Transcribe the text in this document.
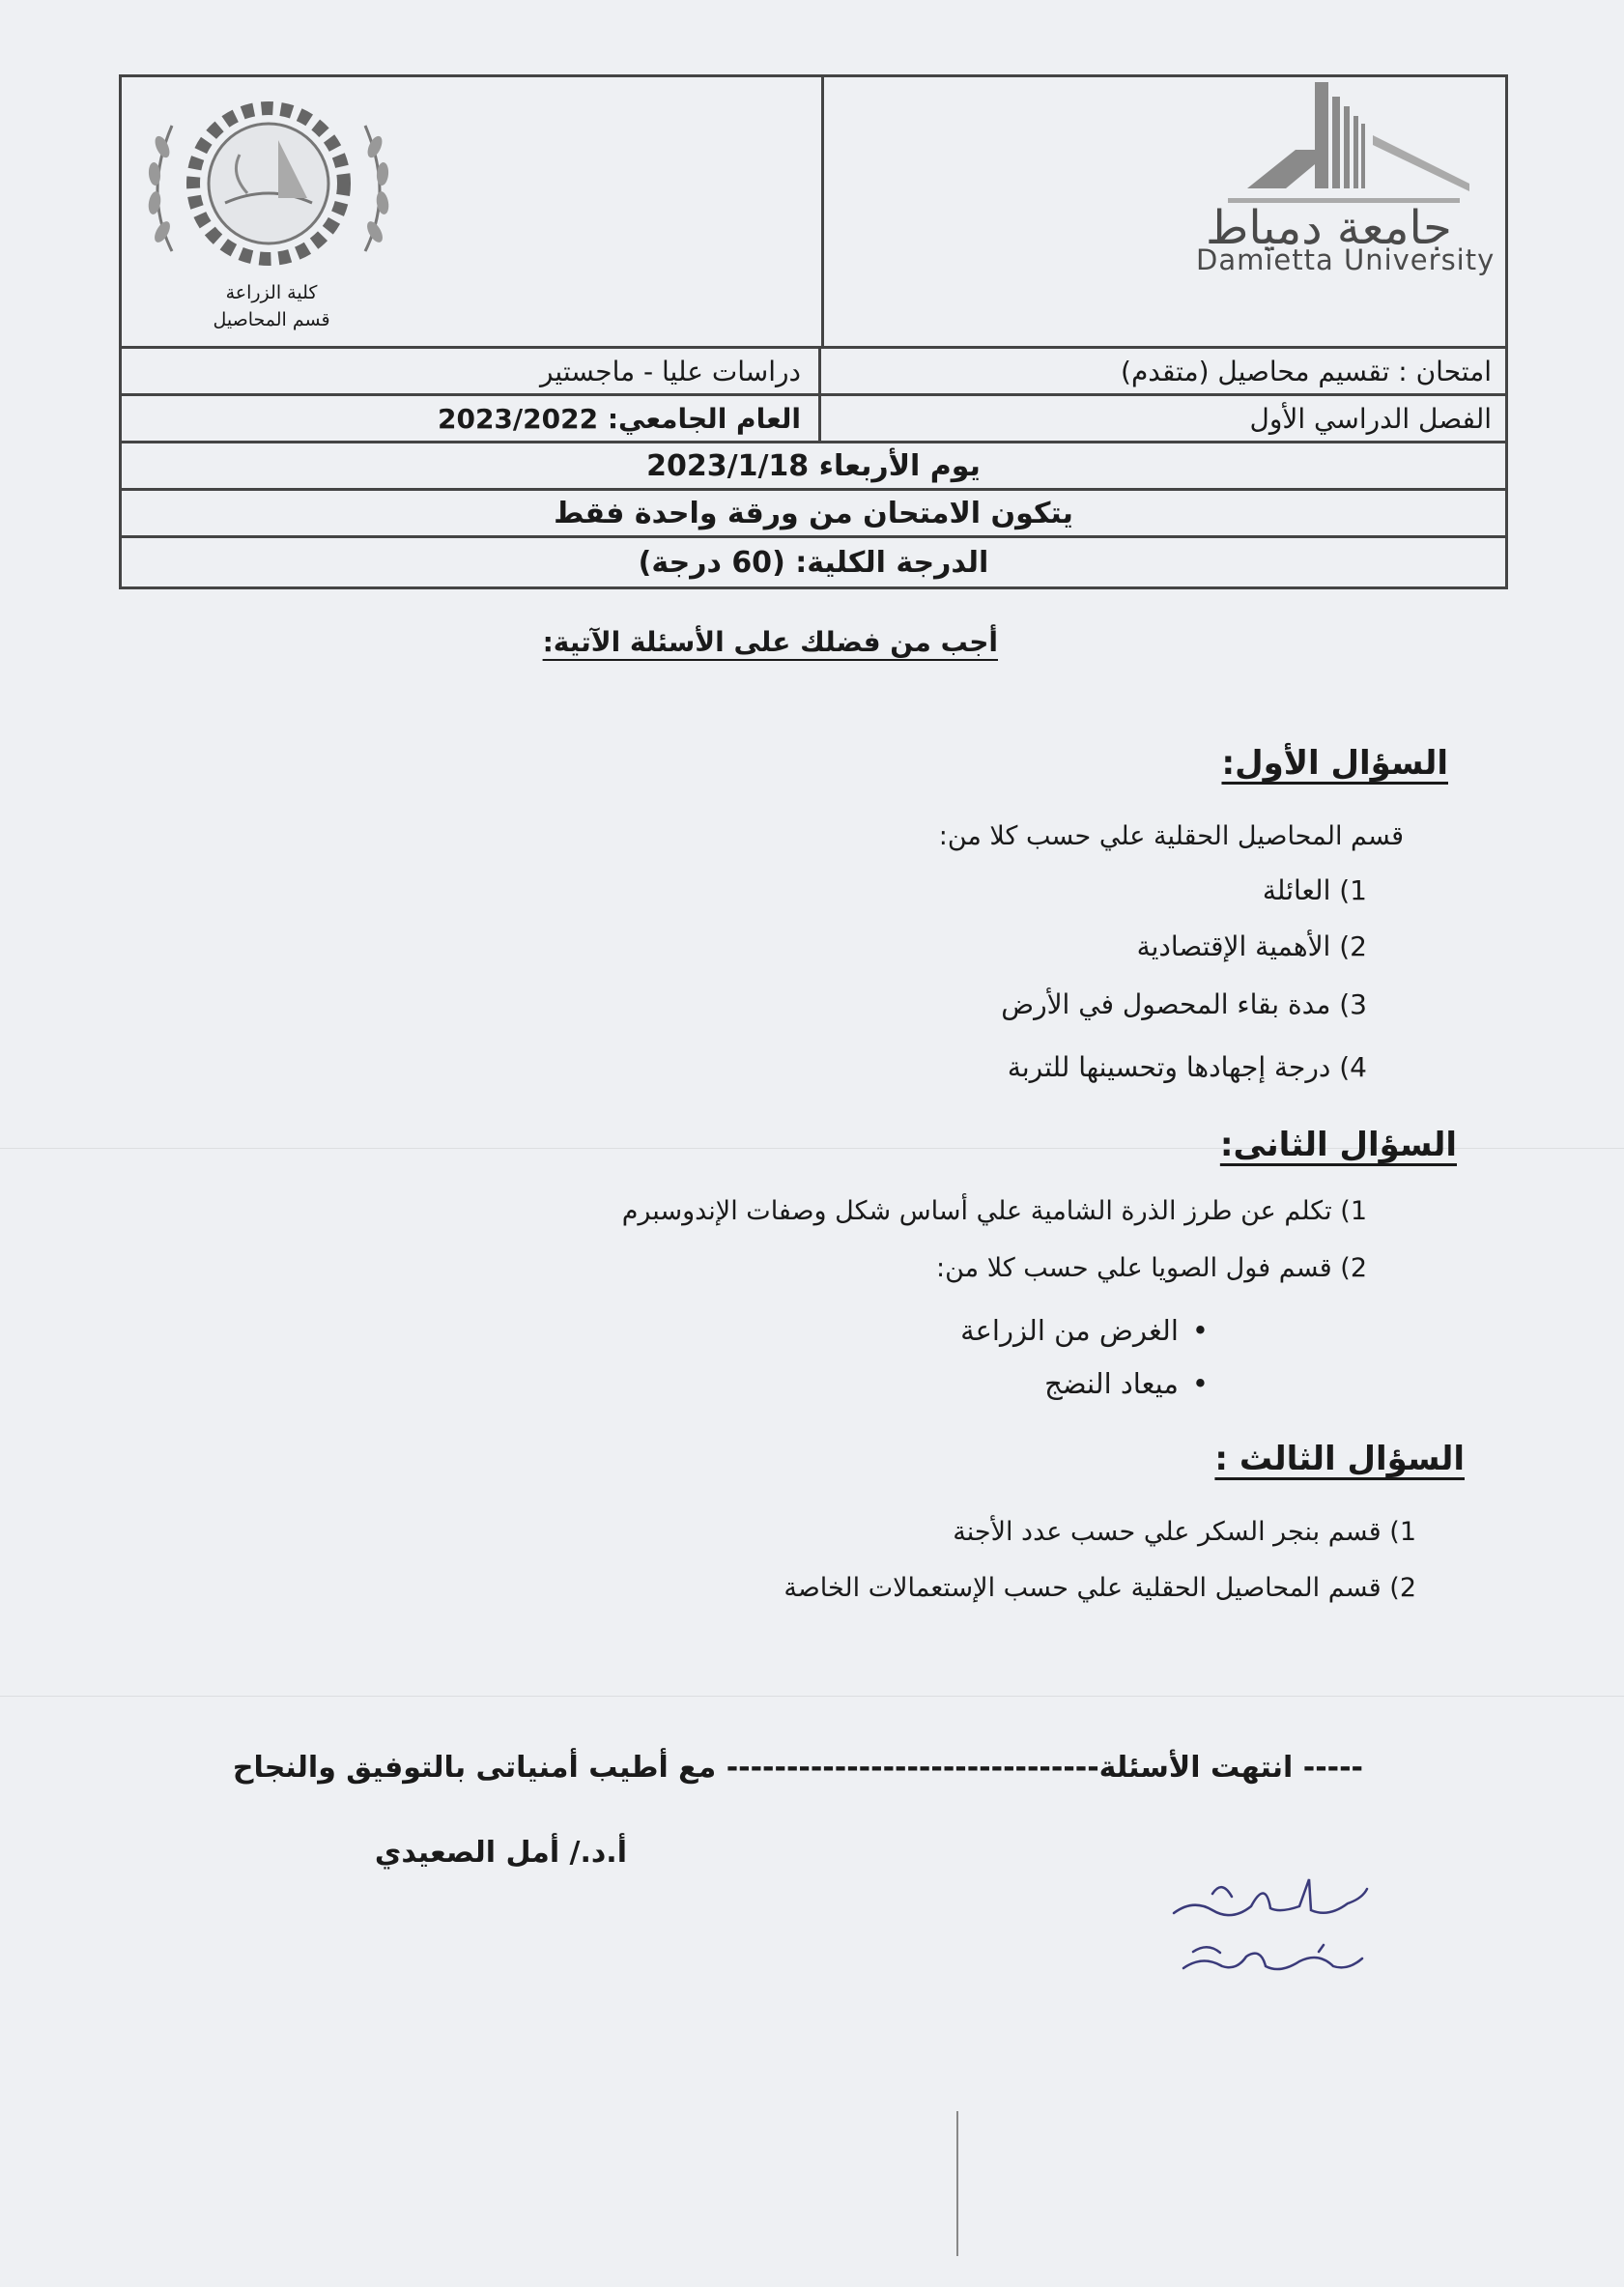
كلية الزراعة
قسم المحاصيل
جامعة دمياط
Damietta University
دراسات عليا - ماجستير	امتحان : تقسيم محاصيل (متقدم)
العام الجامعي: 2023/2022	الفصل الدراسي الأول
يوم الأربعاء 2023/1/18
يتكون الامتحان من ورقة واحدة فقط
الدرجة الكلية: (60 درجة)
أجب من فضلك على الأسئلة الآتية:
السؤال الأول:
قسم المحاصيل الحقلية علي حسب كلا من:
1) العائلة
2) الأهمية الإقتصادية
3) مدة بقاء المحصول في الأرض
4) درجة إجهادها وتحسينها للتربة
السؤال الثانى:
1) تكلم عن طرز الذرة الشامية علي أساس شكل وصفات الإندوسبرم
2) قسم فول الصويا علي حسب كلا من:
• الغرض من الزراعة
• ميعاد النضج
السؤال الثالث :
1) قسم بنجر السكر علي حسب عدد الأجنة
2) قسم المحاصيل الحقلية علي حسب الإستعمالات الخاصة
----- انتهت الأسئلة------------------------------- مع أطيب أمنياتى بالتوفيق والنجاح
أ.د./ أمل الصعيدي
